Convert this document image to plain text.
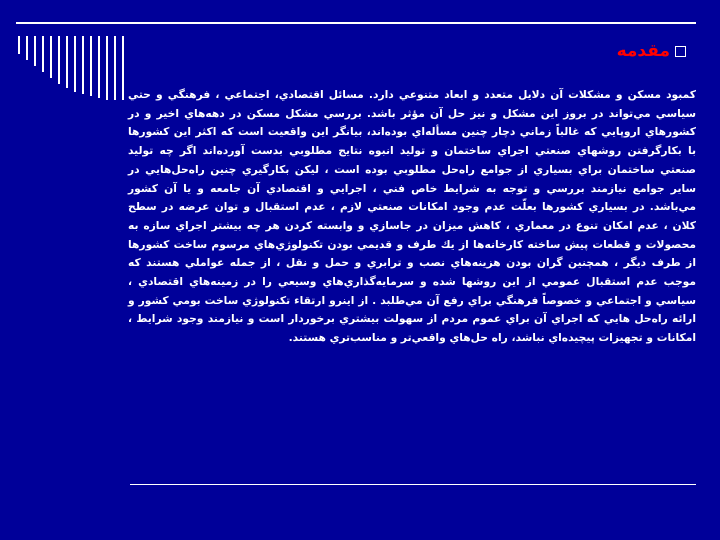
مقدمه
كمبود مسكن و مشكلات آن دلايل متعدد و ابعاد متنوعي دارد. مسائل اقتصادي، اجتماعي ، فرهنگي و حتي سياسي مي‌تواند در بروز اين مشكل و نيز حل آن مؤثر باشد. بررسي مشكل مسكن در دهه‌هاي اخير و در كشورهاي اروپايي كه غالباً زماني دچار چنين مسأله‌اي بوده‌اند، بيانگر اين واقعيت است كه اكثر اين كشورها با بكارگرفتن روشهاي صنعتي اجراي ساختمان و توليد انبوه نتايج مطلوبي بدست آورده‌اند اگر چه توليد صنعتي ساختمان براي بسياري از جوامع راه‌حل مطلوبي بوده است ، ليكن بكارگيري چنين راه‌حل‌هايي در ساير جوامع نيازمند بررسي و توجه به شرايط خاص فني ، اجرايي و اقتصادي آن جامعه و يا آن كشور مي‌باشد. در بسياري كشورها بعلّت عدم وجود امكانات صنعتي لازم ، عدم استقبال و توان عرضه در سطح كلان ، عدم امكان تنوع در معماري ، كاهش ميزان در جاسازي و وابسته كردن هر چه بيشتر اجراي سازه به محصولات و قطعات پيش ساخته كارخانه‌ها از يك طرف و قديمي بودن تكنولوژي‌هاي مرسوم ساخت كشورها از طرف ديگر ، همچنين گران بودن هزينه‌هاي نصب و ترابري و حمل و نقل ، از جمله عواملي هستند كه موجب عدم استقبال عمومي از اين روشها شده و سرمايه‌گذاري‌هاي وسيعي را در زمينه‌هاي اقتصادي ، سياسي و اجتماعي و خصوصاً فرهنگي براي رفع آن مي‌طلبد . از اينرو ارتقاء تكنولوژي ساخت بومي كشور و ارائه راه‌حل هايي كه اجراي آن براي عموم مردم از سهولت بيشتري برخوردار است و نيازمند وجود شرايط ، امكانات و تجهيزات پيچيده‌اي نباشد، راه حل‌هاي واقعي‌تر و مناسب‌تري هستند.
